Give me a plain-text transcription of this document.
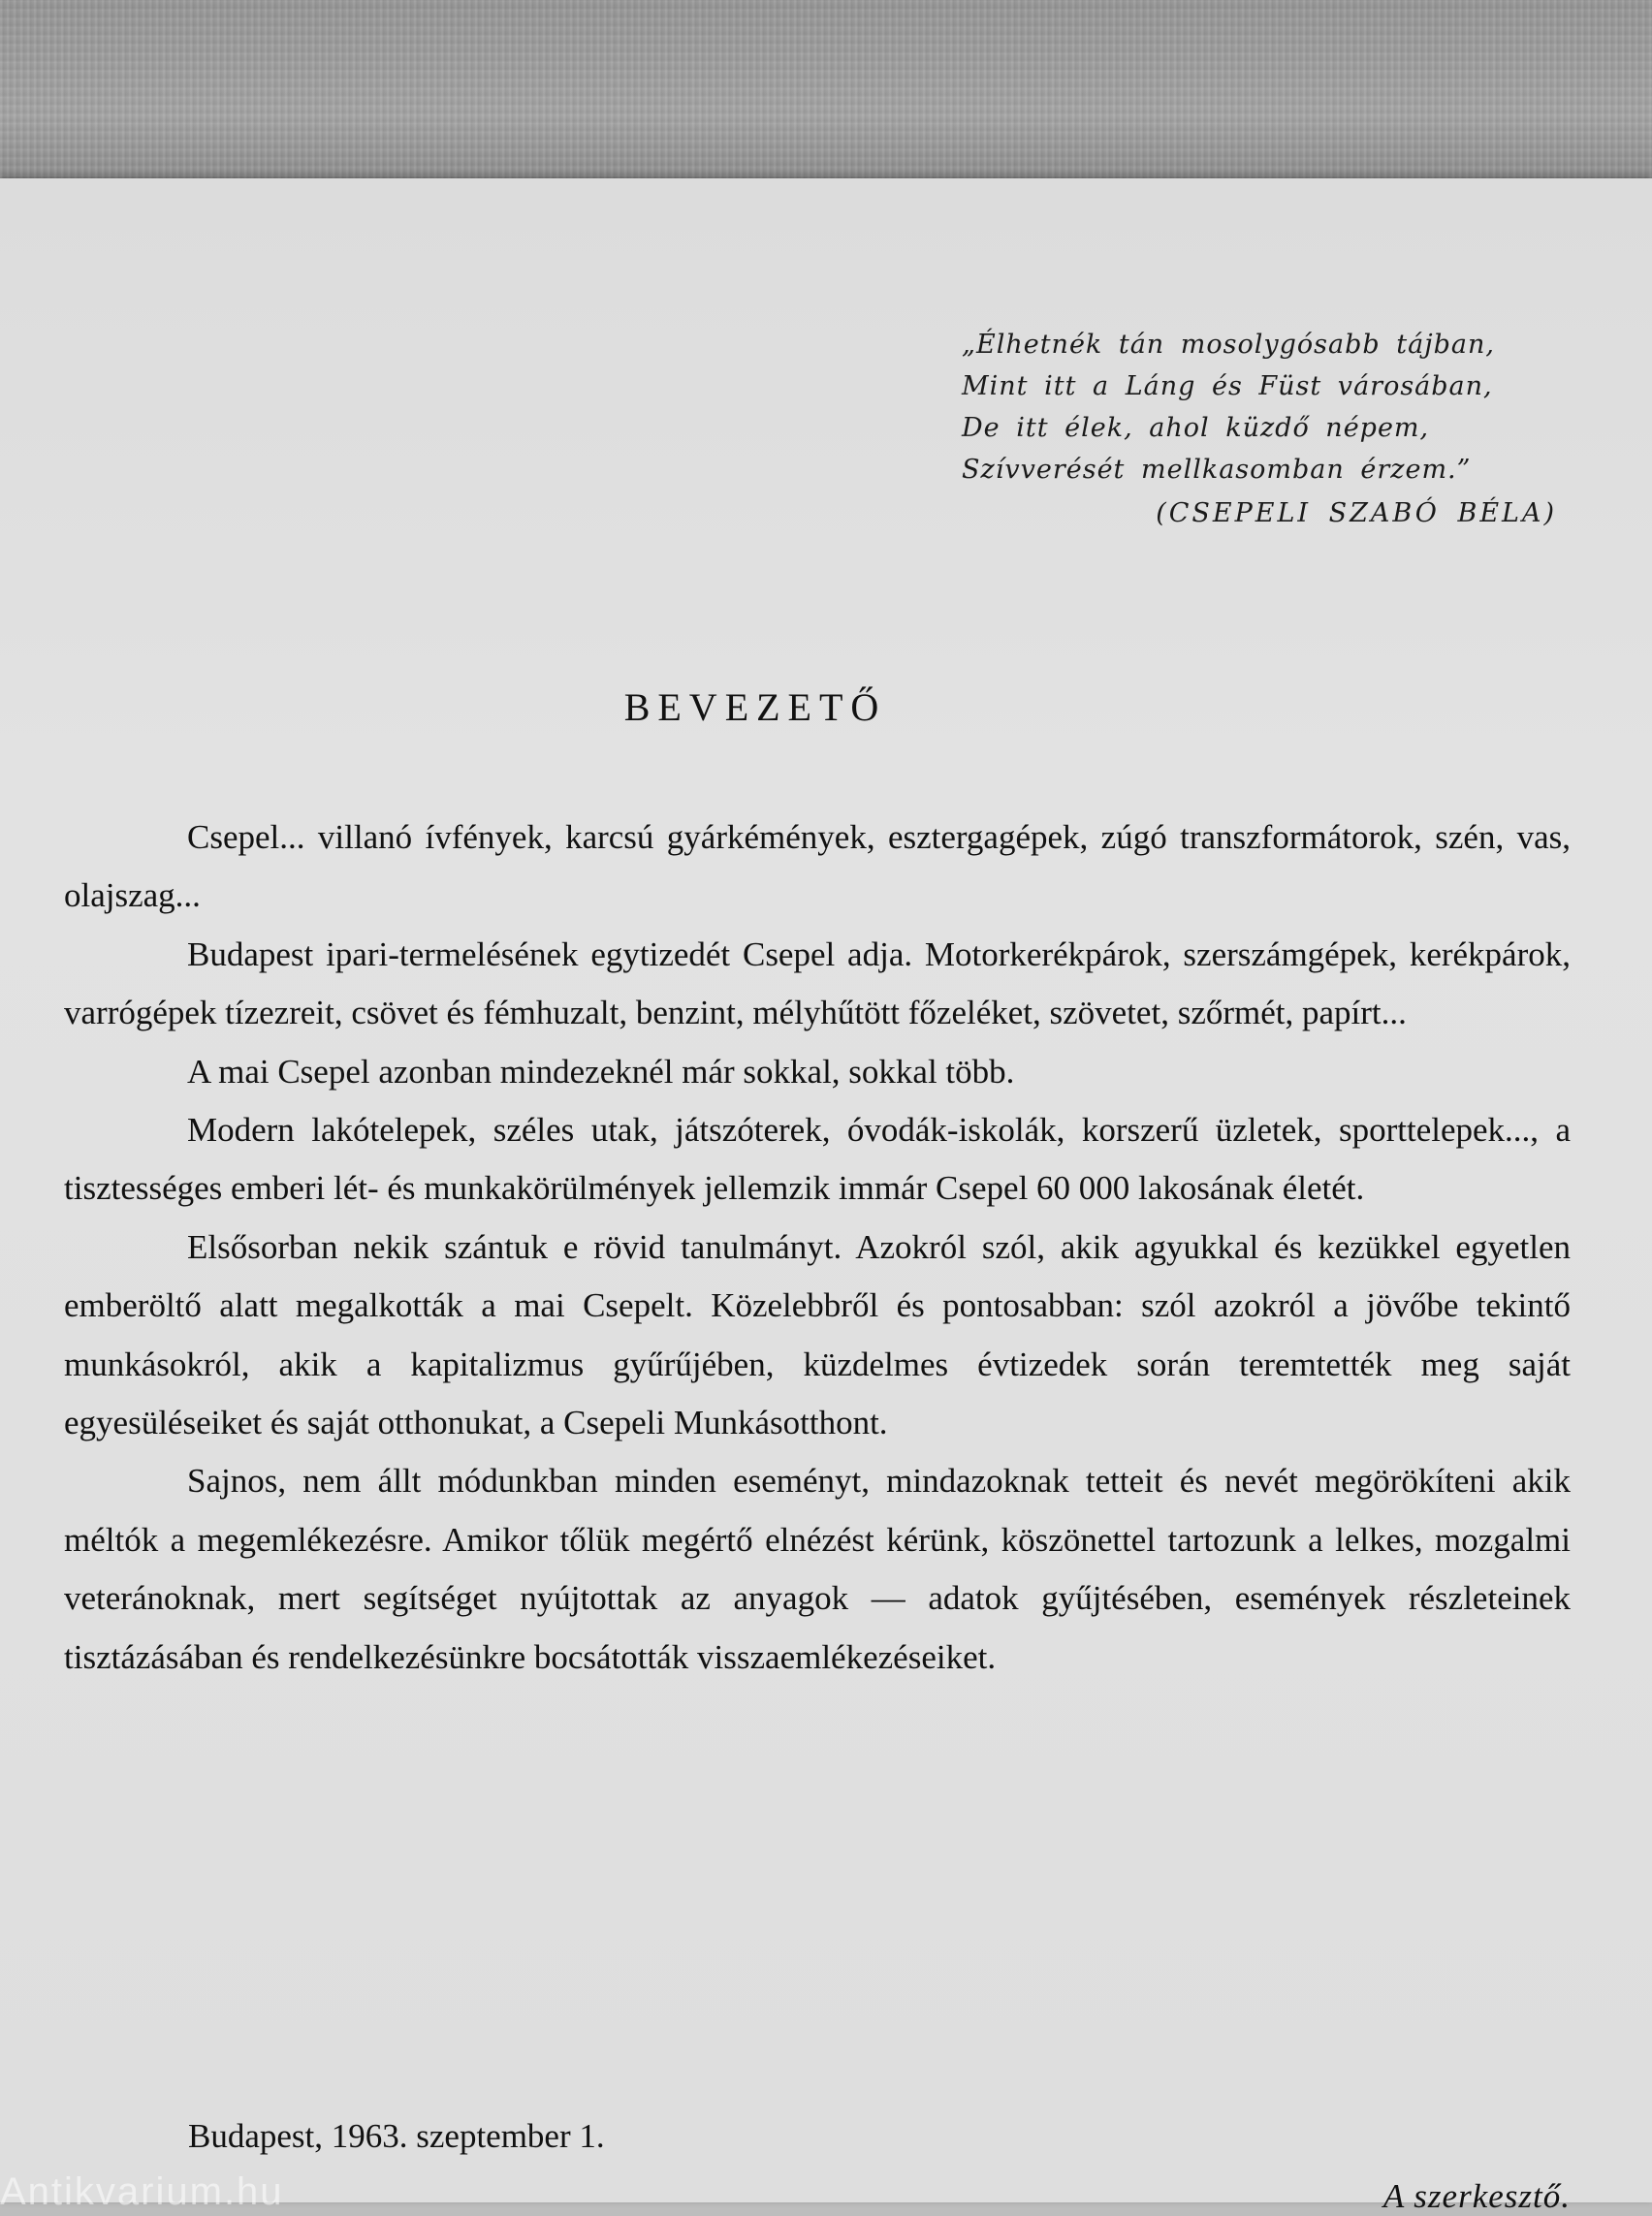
„Élhetnék tán mosolygósabb tájban,
Mint itt a Láng és Füst városában,
De itt élek, ahol küzdő népem,
Szívverését mellkasomban érzem.”
(CSEPELI SZABÓ BÉLA)
BEVEZETŐ

Csepel... villanó ívfények, karcsú gyárkémények, esztergagépek, zúgó transzformátorok, szén, vas, olajszag...

Budapest ipari-termelésének egytizedét Csepel adja. Motorkerékpárok, szerszámgépek, kerékpárok, varrógépek tízezreit, csövet és fémhuzalt, benzint, mélyhűtött főzeléket, szövetet, szőrmét, papírt...

A mai Csepel azonban mindezeknél már sokkal, sokkal több.

Modern lakótelepek, széles utak, játszóterek, óvodák-iskolák, korszerű üzletek, sporttelepek..., a tisztességes emberi lét- és munkakörülmények jellemzik immár Csepel 60 000 lakosának életét.

Elsősorban nekik szántuk e rövid tanulmányt. Azokról szól, akik agyukkal és kezükkel egyetlen emberöltő alatt megalkották a mai Csepelt. Közelebbről és pontosabban: szól azokról a jövőbe tekintő munkásokról, akik a kapitalizmus gyűrűjében, küzdelmes évtizedek során teremtették meg saját egyesüléseiket és saját otthonukat, a Csepeli Munkásotthont.

Sajnos, nem állt módunkban minden eseményt, mindazoknak tetteit és nevét megörökíteni akik méltók a megemlékezésre. Amikor tőlük megértő elnézést kérünk, köszönettel tartozunk a lelkes, mozgalmi veteránoknak, mert segítséget nyújtottak az anyagok — adatok gyűjtésében, események részleteinek tisztázásában és rendelkezésünkre bocsátották visszaemlékezéseiket.

Budapest, 1963. szeptember 1.
A szerkesztő.
Antikvarium.hu
